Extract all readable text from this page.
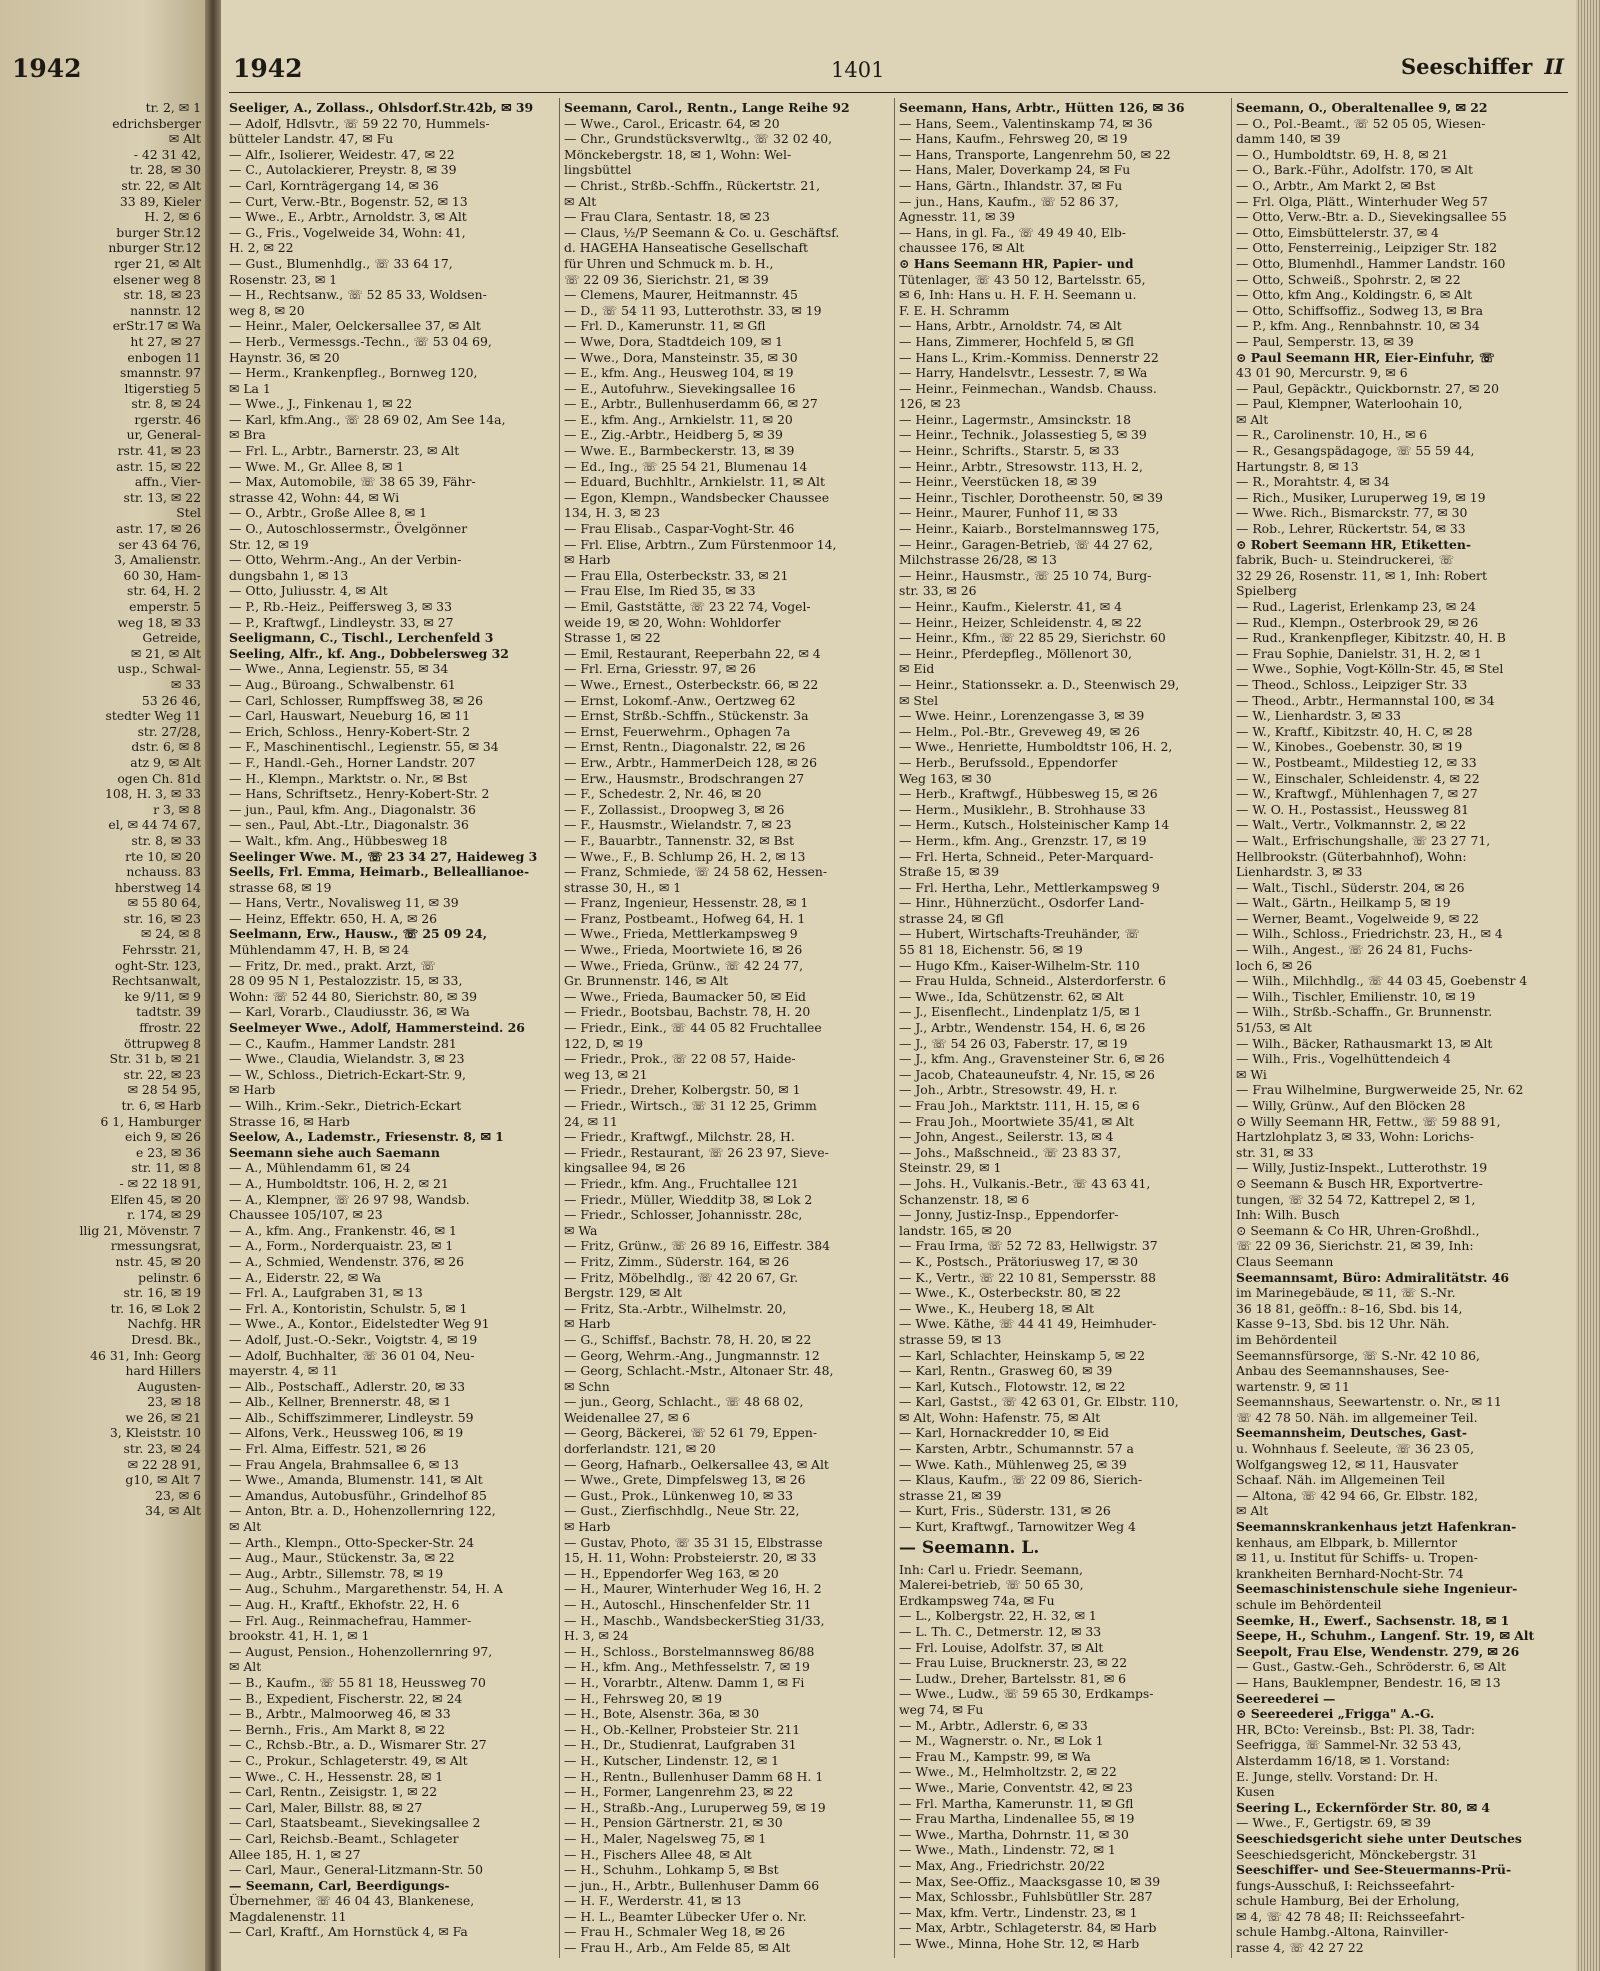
1942
tr. 2, ✉ 1
edrichsberger
✉ Alt
- 42 31 42,
tr. 28, ✉ 30
str. 22, ✉ Alt
33 89, Kieler
H. 2, ✉ 6
burger Str.12
nburger Str.12
rger 21, ✉ Alt
elsener weg 8
str. 18, ✉ 23
nannstr. 12
erStr.17 ✉ Wa
ht 27, ✉ 27
enbogen 11
smannstr. 97
ltigerstieg 5
str. 8, ✉ 24
rgerstr. 46
ur, General-
rstr. 41, ✉ 23
astr. 15, ✉ 22
affn., Vier-
str. 13, ✉ 22
Stel
astr. 17, ✉ 26
ser 43 64 76,
3, Amalienstr.
60 30, Ham-
str. 64, H. 2
emperstr. 5
weg 18, ✉ 33
Getreide,
✉ 21, ✉ Alt
usp., Schwal-
✉ 33
53 26 46,
stedter Weg 11
str. 27/28,
dstr. 6, ✉ 8
atz 9, ✉ Alt
ogen Ch. 81d
108, H. 3, ✉ 33
r 3, ✉ 8
el, ✉ 44 74 67,
str. 8, ✉ 33
rte 10, ✉ 20
nchauss. 83
hberstweg 14
✉ 55 80 64,
str. 16, ✉ 23
✉ 24, ✉ 8
Fehrsstr. 21,
oght-Str. 123,
Rechtsanwalt,
ke 9/11, ✉ 9
tadtstr. 39
ffrostr. 22
öttrupweg 8
Str. 31 b, ✉ 21
str. 22, ✉ 23
✉ 28 54 95,
tr. 6, ✉ Harb
6 1, Hamburger
eich 9, ✉ 26
e 23, ✉ 36
str. 11, ✉ 8
- ✉ 22 18 91,
Elfen 45, ✉ 20
r. 174, ✉ 29
llig 21, Mövenstr. 7
rmessungsrat,
nstr. 45, ✉ 20
pelinstr. 6
str. 16, ✉ 19
tr. 16, ✉ Lok 2
Nachfg. HR
Dresd. Bk.,
46 31, Inh: Georg
hard Hillers
Augusten-
23, ✉ 18
we 26, ✉ 21
3, Kleiststr. 10
str. 23, ✉ 24
✉ 22 28 91,
g10, ✉ Alt 7
23, ✉ 6
34, ✉ Alt
1942	1401	Seeschiffer II
Seeliger, A., Zollass., Ohlsdorf.Str.42b, ✉ 39
— Adolf, Hdlsvtr., ☏ 59 22 70, Hummels-
bütteler Landstr. 47, ✉ Fu
— Alfr., Isolierer, Weidestr. 47, ✉ 22
— C., Autolackierer, Preystr. 8, ✉ 39
— Carl, Kornträgergang 14, ✉ 36
— Curt, Verw.-Btr., Bogenstr. 52, ✉ 13
— Wwe., E., Arbtr., Arnoldstr. 3, ✉ Alt
— G., Fris., Vogelweide 34, Wohn: 41,
H. 2, ✉ 22
— Gust., Blumenhdlg., ☏ 33 64 17,
Rosenstr. 23, ✉ 1
— H., Rechtsanw., ☏ 52 85 33, Woldsen-
weg 8, ✉ 20
— Heinr., Maler, Oelckersallee 37, ✉ Alt
— Herb., Vermessgs.-Techn., ☏ 53 04 69,
Haynstr. 36, ✉ 20
— Herm., Krankenpfleg., Bornweg 120,
✉ La 1
— Wwe., J., Finkenau 1, ✉ 22
— Karl, kfm.Ang., ☏ 28 69 02, Am See 14a,
✉ Bra
— Frl. L., Arbtr., Barnerstr. 23, ✉ Alt
— Wwe. M., Gr. Allee 8, ✉ 1
— Max, Automobile, ☏ 38 65 39, Fähr-
strasse 42, Wohn: 44, ✉ Wi
— O., Arbtr., Große Allee 8, ✉ 1
— O., Autoschlossermstr., Övelgönner
Str. 12, ✉ 19
— Otto, Wehrm.-Ang., An der Verbin-
dungsbahn 1, ✉ 13
— Otto, Juliusstr. 4, ✉ Alt
— P., Rb.-Heiz., Peiffersweg 3, ✉ 33
— P., Kraftwgf., Lindleystr. 33, ✉ 27
Seeligmann, C., Tischl., Lerchenfeld 3
Seeling, Alfr., kf. Ang., Dobbelersweg 32
— Wwe., Anna, Legienstr. 55, ✉ 34
— Aug., Büroang., Schwalbenstr. 61
— Carl, Schlosser, Rumpffsweg 38, ✉ 26
— Carl, Hauswart, Neueburg 16, ✉ 11
— Erich, Schloss., Henry-Kobert-Str. 2
— F., Maschinentischl., Legienstr. 55, ✉ 34
— F., Handl.-Geh., Horner Landstr. 207
— H., Klempn., Marktstr. o. Nr., ✉ Bst
— Hans, Schriftsetz., Henry-Kobert-Str. 2
— jun., Paul, kfm. Ang., Diagonalstr. 36
— sen., Paul, Abt.-Ltr., Diagonalstr. 36
— Walt., kfm. Ang., Hübbesweg 18
Seelinger Wwe. M., ☏ 23 34 27, Haideweg 3
Seells, Frl. Emma, Heimarb., Belleallianoe-
strasse 68, ✉ 19
— Hans, Vertr., Novalisweg 11, ✉ 39
— Heinz, Effektr. 650, H. A, ✉ 26
Seelmann, Erw., Hausw., ☏ 25 09 24,
Mühlendamm 47, H. B, ✉ 24
— Fritz, Dr. med., prakt. Arzt, ☏
28 09 95 N 1, Pestalozzistr. 15, ✉ 33,
Wohn: ☏ 52 44 80, Sierichstr. 80, ✉ 39
— Karl, Vorarb., Claudiusstr. 36, ✉ Wa
Seelmeyer Wwe., Adolf, Hammersteind. 26
— C., Kaufm., Hammer Landstr. 281
— Wwe., Claudia, Wielandstr. 3, ✉ 23
— W., Schloss., Dietrich-Eckart-Str. 9,
✉ Harb
— Wilh., Krim.-Sekr., Dietrich-Eckart
Strasse 16, ✉ Harb
Seelow, A., Lademstr., Friesenstr. 8, ✉ 1
Seemann siehe auch Saemann
— A., Mühlendamm 61, ✉ 24
— A., Humboldtstr. 106, H. 2, ✉ 21
— A., Klempner, ☏ 26 97 98, Wandsb.
Chaussee 105/107, ✉ 23
— A., kfm. Ang., Frankenstr. 46, ✉ 1
— A., Form., Norderquaistr. 23, ✉ 1
— A., Schmied, Wendenstr. 376, ✉ 26
— A., Eiderstr. 22, ✉ Wa
— Frl. A., Laufgraben 31, ✉ 13
— Frl. A., Kontoristin, Schulstr. 5, ✉ 1
— Wwe., A., Kontor., Eidelstedter Weg 91
— Adolf, Just.-O.-Sekr., Voigtstr. 4, ✉ 19
— Adolf, Buchhalter, ☏ 36 01 04, Neu-
mayerstr. 4, ✉ 11
— Alb., Postschaff., Adlerstr. 20, ✉ 33
— Alb., Kellner, Brennerstr. 48, ✉ 1
— Alb., Schiffszimmerer, Lindleystr. 59
— Alfons, Verk., Heussweg 106, ✉ 19
— Frl. Alma, Eiffestr. 521, ✉ 26
— Frau Angela, Brahmsallee 6, ✉ 13
— Wwe., Amanda, Blumenstr. 141, ✉ Alt
— Amandus, Autobusführ., Grindelhof 85
— Anton, Btr. a. D., Hohenzollernring 122,
✉ Alt
— Arth., Klempn., Otto-Specker-Str. 24
— Aug., Maur., Stückenstr. 3a, ✉ 22
— Aug., Arbtr., Sillemstr. 78, ✉ 19
— Aug., Schuhm., Margarethenstr. 54, H. A
— Aug. H., Kraftf., Ekhofstr. 22, H. 6
— Frl. Aug., Reinmachefrau, Hammer-
brookstr. 41, H. 1, ✉ 1
— August, Pension., Hohenzollernring 97,
✉ Alt
— B., Kaufm., ☏ 55 81 18, Heussweg 70
— B., Expedient, Fischerstr. 22, ✉ 24
— B., Arbtr., Malmoorweg 46, ✉ 33
— Bernh., Fris., Am Markt 8, ✉ 22
— C., Rchsb.-Btr., a. D., Wismarer Str. 27
— C., Prokur., Schlageterstr. 49, ✉ Alt
— Wwe., C. H., Hessenstr. 28, ✉ 1
— Carl, Rentn., Zeisigstr. 1, ✉ 22
— Carl, Maler, Billstr. 88, ✉ 27
— Carl, Staatsbeamt., Sievekingsallee 2
— Carl, Reichsb.-Beamt., Schlageter
Allee 185, H. 1, ✉ 27
— Carl, Maur., General-Litzmann-Str. 50
— Seemann, Carl, Beerdigungs-
Übernehmer, ☏ 46 04 43, Blankenese,
Magdalenenstr. 11
— Carl, Kraftf., Am Hornstück 4, ✉ Fa
Seemann, Carol., Rentn., Lange Reihe 92
— Wwe., Carol., Ericastr. 64, ✉ 20
— Chr., Grundstücksverwltg., ☏ 32 02 40,
Mönckebergstr. 18, ✉ 1, Wohn: Wel-
lingsbüttel
— Christ., Strßb.-Schffn., Rückertstr. 21,
✉ Alt
— Frau Clara, Sentastr. 18, ✉ 23
— Claus, ½/P Seemann & Co. u. Geschäftsf.
d. HAGEHA Hanseatische Gesellschaft
für Uhren und Schmuck m. b. H.,
☏ 22 09 36, Sierichstr. 21, ✉ 39
— Clemens, Maurer, Heitmannstr. 45
— D., ☏ 54 11 93, Lutterothstr. 33, ✉ 19
— Frl. D., Kamerunstr. 11, ✉ Gfl
— Wwe, Dora, Stadtdeich 109, ✉ 1
— Wwe., Dora, Mansteinstr. 35, ✉ 30
— E., kfm. Ang., Heusweg 104, ✉ 19
— E., Autofuhrw., Sievekingsallee 16
— E., Arbtr., Bullenhuserdamm 66, ✉ 27
— E., kfm. Ang., Arnkielstr. 11, ✉ 20
— E., Zig.-Arbtr., Heidberg 5, ✉ 39
— Wwe. E., Barmbeckerstr. 13, ✉ 39
— Ed., Ing., ☏ 25 54 21, Blumenau 14
— Eduard, Buchhltr., Arnkielstr. 11, ✉ Alt
— Egon, Klempn., Wandsbecker Chaussee
134, H. 3, ✉ 23
— Frau Elisab., Caspar-Voght-Str. 46
— Frl. Elise, Arbtrn., Zum Fürstenmoor 14,
✉ Harb
— Frau Ella, Osterbeckstr. 33, ✉ 21
— Frau Else, Im Ried 35, ✉ 33
— Emil, Gaststätte, ☏ 23 22 74, Vogel-
weide 19, ✉ 20, Wohn: Wohldorfer
Strasse 1, ✉ 22
— Emil, Restaurant, Reeperbahn 22, ✉ 4
— Frl. Erna, Griesstr. 97, ✉ 26
— Wwe., Ernest., Osterbeckstr. 66, ✉ 22
— Ernst, Lokomf.-Anw., Oertzweg 62
— Ernst, Strßb.-Schffn., Stückenstr. 3a
— Ernst, Feuerwehrm., Ophagen 7a
— Ernst, Rentn., Diagonalstr. 22, ✉ 26
— Erw., Arbtr., HammerDeich 128, ✉ 26
— Erw., Hausmstr., Brodschrangen 27
— F., Schedestr. 2, Nr. 46, ✉ 20
— F., Zollassist., Droopweg 3, ✉ 26
— F., Hausmstr., Wielandstr. 7, ✉ 23
— F., Bauarbtr., Tannenstr. 32, ✉ Bst
— Wwe., F., B. Schlump 26, H. 2, ✉ 13
— Franz, Schmiede, ☏ 24 58 62, Hessen-
strasse 30, H., ✉ 1
— Franz, Ingenieur, Hessenstr. 28, ✉ 1
— Franz, Postbeamt., Hofweg 64, H. 1
— Wwe., Frieda, Mettlerkampsweg 9
— Wwe., Frieda, Moortwiete 16, ✉ 26
— Wwe., Frieda, Grünw., ☏ 42 24 77,
Gr. Brunnenstr. 146, ✉ Alt
— Wwe., Frieda, Baumacker 50, ✉ Eid
— Friedr., Bootsbau, Bachstr. 78, H. 20
— Friedr., Eink., ☏ 44 05 82 Fruchtallee
122, D, ✉ 19
— Friedr., Prok., ☏ 22 08 57, Haide-
weg 13, ✉ 21
— Friedr., Dreher, Kolbergstr. 50, ✉ 1
— Friedr., Wirtsch., ☏ 31 12 25, Grimm
24, ✉ 11
— Friedr., Kraftwgf., Milchstr. 28, H.
— Friedr., Restaurant, ☏ 26 23 97, Sieve-
kingsallee 94, ✉ 26
— Friedr., kfm. Ang., Fruchtallee 121
— Friedr., Müller, Wiedditp 38, ✉ Lok 2
— Friedr., Schlosser, Johannisstr. 28c,
✉ Wa
— Fritz, Grünw., ☏ 26 89 16, Eiffestr. 384
— Fritz, Zimm., Süderstr. 164, ✉ 26
— Fritz, Möbelhdlg., ☏ 42 20 67, Gr.
Bergstr. 129, ✉ Alt
— Fritz, Sta.-Arbtr., Wilhelmstr. 20,
✉ Harb
— G., Schiffsf., Bachstr. 78, H. 20, ✉ 22
— Georg, Wehrm.-Ang., Jungmannstr. 12
— Georg, Schlacht.-Mstr., Altonaer Str. 48,
✉ Schn
— jun., Georg, Schlacht., ☏ 48 68 02,
Weidenallee 27, ✉ 6
— Georg, Bäckerei, ☏ 52 61 79, Eppen-
dorferlandstr. 121, ✉ 20
— Georg, Hafnarb., Oelkersallee 43, ✉ Alt
— Wwe., Grete, Dimpfelsweg 13, ✉ 26
— Gust., Prok., Lünkenweg 10, ✉ 33
— Gust., Zierfischhdlg., Neue Str. 22,
✉ Harb
— Gustav, Photo, ☏ 35 31 15, Elbstrasse
15, H. 11, Wohn: Probsteierstr. 20, ✉ 33
— H., Eppendorfer Weg 163, ✉ 20
— H., Maurer, Winterhuder Weg 16, H. 2
— H., Autoschl., Hinschenfelder Str. 11
— H., Maschb., WandsbeckerStieg 31/33,
H. 3, ✉ 24
— H., Schloss., Borstelmannsweg 86/88
— H., kfm. Ang., Methfesselstr. 7, ✉ 19
— H., Vorarbtr., Altenw. Damm 1, ✉ Fi
— H., Fehrsweg 20, ✉ 19
— H., Bote, Alsenstr. 36a, ✉ 30
— H., Ob.-Kellner, Probsteier Str. 211
— H., Dr., Studienrat, Laufgraben 31
— H., Kutscher, Lindenstr. 12, ✉ 1
— H., Rentn., Bullenhuser Damm 68 H. 1
— H., Former, Langenrehm 23, ✉ 22
— H., Straßb.-Ang., Luruperweg 59, ✉ 19
— H., Pension Gärtnerstr. 21, ✉ 30
— H., Maler, Nagelsweg 75, ✉ 1
— H., Fischers Allee 48, ✉ Alt
— H., Schuhm., Lohkamp 5, ✉ Bst
— jun., H., Arbtr., Bullenhuser Damm 66
— H. F., Werderstr. 41, ✉ 13
— H. L., Beamter Lübecker Ufer o. Nr.
— Frau H., Schmaler Weg 18, ✉ 26
— Frau H., Arb., Am Felde 85, ✉ Alt
Seemann, Hans, Arbtr., Hütten 126, ✉ 36
— Hans, Seem., Valentinskamp 74, ✉ 36
— Hans, Kaufm., Fehrsweg 20, ✉ 19
— Hans, Transporte, Langenrehm 50, ✉ 22
— Hans, Maler, Doverkamp 24, ✉ Fu
— Hans, Gärtn., Ihlandstr. 37, ✉ Fu
— jun., Hans, Kaufm., ☏ 52 86 37,
Agnesstr. 11, ✉ 39
— Hans, in gl. Fa., ☏ 49 49 40, Elb-
chaussee 176, ✉ Alt
⊙ Hans Seemann HR, Papier- und
Tütenlager, ☏ 43 50 12, Bartelsstr. 65,
✉ 6, Inh: Hans u. H. F. H. Seemann u.
F. E. H. Schramm
— Hans, Arbtr., Arnoldstr. 74, ✉ Alt
— Hans, Zimmerer, Hochfeld 5, ✉ Gfl
— Hans L., Krim.-Kommiss. Dennerstr 22
— Harry, Handelsvtr., Lessestr. 7, ✉ Wa
— Heinr., Feinmechan., Wandsb. Chauss.
126, ✉ 23
— Heinr., Lagermstr., Amsinckstr. 18
— Heinr., Technik., Jolassestieg 5, ✉ 39
— Heinr., Schrifts., Starstr. 5, ✉ 33
— Heinr., Arbtr., Stresowstr. 113, H. 2,
— Heinr., Veerstücken 18, ✉ 39
— Heinr., Tischler, Dorotheenstr. 50, ✉ 39
— Heinr., Maurer, Funhof 11, ✉ 33
— Heinr., Kaiarb., Borstelmannsweg 175,
— Heinr., Garagen-Betrieb, ☏ 44 27 62,
Milchstrasse 26/28, ✉ 13
— Heinr., Hausmstr., ☏ 25 10 74, Burg-
str. 33, ✉ 26
— Heinr., Kaufm., Kielerstr. 41, ✉ 4
— Heinr., Heizer, Schleidenstr. 4, ✉ 22
— Heinr., Kfm., ☏ 22 85 29, Sierichstr. 60
— Heinr., Pferdepfleg., Möllenort 30,
✉ Eid
— Heinr., Stationssekr. a. D., Steenwisch 29,
✉ Stel
— Wwe. Heinr., Lorenzengasse 3, ✉ 39
— Helm., Pol.-Btr., Greveweg 49, ✉ 26
— Wwe., Henriette, Humboldtstr 106, H. 2,
— Herb., Berufssold., Eppendorfer
Weg 163, ✉ 30
— Herb., Kraftwgf., Hübbesweg 15, ✉ 26
— Herm., Musiklehr., B. Strohhause 33
— Herm., Kutsch., Holsteinischer Kamp 14
— Herm., kfm. Ang., Grenzstr. 17, ✉ 19
— Frl. Herta, Schneid., Peter-Marquard-
Straße 15, ✉ 39
— Frl. Hertha, Lehr., Mettlerkampsweg 9
— Hinr., Hühnerzücht., Osdorfer Land-
strasse 24, ✉ Gfl
— Hubert, Wirtschafts-Treuhänder, ☏
55 81 18, Eichenstr. 56, ✉ 19
— Hugo Kfm., Kaiser-Wilhelm-Str. 110
— Frau Hulda, Schneid., Alsterdorferstr. 6
— Wwe., Ida, Schützenstr. 62, ✉ Alt
— J., Eisenflecht., Lindenplatz 1/5, ✉ 1
— J., Arbtr., Wendenstr. 154, H. 6, ✉ 26
— J., ☏ 54 26 03, Faberstr. 17, ✉ 19
— J., kfm. Ang., Gravensteiner Str. 6, ✉ 26
— Jacob, Chateauneufstr. 4, Nr. 15, ✉ 26
— Joh., Arbtr., Stresowstr. 49, H. r.
— Frau Joh., Marktstr. 111, H. 15, ✉ 6
— Frau Joh., Moortwiete 35/41, ✉ Alt
— John, Angest., Seilerstr. 13, ✉ 4
— Johs., Maßschneid., ☏ 23 83 37,
Steinstr. 29, ✉ 1
— Johs. H., Vulkanis.-Betr., ☏ 43 63 41,
Schanzenstr. 18, ✉ 6
— Jonny, Justiz-Insp., Eppendorfer-
landstr. 165, ✉ 20
— Frau Irma, ☏ 52 72 83, Hellwigstr. 37
— K., Postsch., Prätoriusweg 17, ✉ 30
— K., Vertr., ☏ 22 10 81, Sempersstr. 88
— Wwe., K., Osterbeckstr. 80, ✉ 22
— Wwe., K., Heuberg 18, ✉ Alt
— Wwe. Käthe, ☏ 44 41 49, Heimhuder-
strasse 59, ✉ 13
— Karl, Schlachter, Heinskamp 5, ✉ 22
— Karl, Rentn., Grasweg 60, ✉ 39
— Karl, Kutsch., Flotowstr. 12, ✉ 22
— Karl, Gastst., ☏ 42 63 01, Gr. Elbstr. 110,
✉ Alt, Wohn: Hafenstr. 75, ✉ Alt
— Karl, Hornackredder 10, ✉ Eid
— Karsten, Arbtr., Schumannstr. 57 a
— Wwe. Kath., Mühlenweg 25, ✉ 39
— Klaus, Kaufm., ☏ 22 09 86, Sierich-
strasse 21, ✉ 39
— Kurt, Fris., Süderstr. 131, ✉ 26
— Kurt, Kraftwgf., Tarnowitzer Weg 4
— Seemann. L.
Inh: Carl u. Friedr. Seemann,
Malerei-betrieb, ☏ 50 65 30,
Erdkampsweg 74a, ✉ Fu
— L., Kolbergstr. 22, H. 32, ✉ 1
— L. Th. C., Detmerstr. 12, ✉ 33
— Frl. Louise, Adolfstr. 37, ✉ Alt
— Frau Luise, Brucknerstr. 23, ✉ 22
— Ludw., Dreher, Bartelsstr. 81, ✉ 6
— Wwe., Ludw., ☏ 59 65 30, Erdkamps-
weg 74, ✉ Fu
— M., Arbtr., Adlerstr. 6, ✉ 33
— M., Wagnerstr. o. Nr., ✉ Lok 1
— Frau M., Kampstr. 99, ✉ Wa
— Wwe., M., Helmholtzstr. 2, ✉ 22
— Wwe., Marie, Conventstr. 42, ✉ 23
— Frl. Martha, Kamerunstr. 11, ✉ Gfl
— Frau Martha, Lindenallee 55, ✉ 19
— Wwe., Martha, Dohrnstr. 11, ✉ 30
— Wwe., Math., Lindenstr. 72, ✉ 1
— Max, Ang., Friedrichstr. 20/22
— Max, See-Offiz., Maacksgasse 10, ✉ 39
— Max, Schlossbr., Fuhlsbütller Str. 287
— Max, kfm. Vertr., Lindenstr. 23, ✉ 1
— Max, Arbtr., Schlageterstr. 84, ✉ Harb
— Wwe., Minna, Hohe Str. 12, ✉ Harb
Seemann, O., Oberaltenallee 9, ✉ 22
— O., Pol.-Beamt., ☏ 52 05 05, Wiesen-
damm 140, ✉ 39
— O., Humboldtstr. 69, H. 8, ✉ 21
— O., Bark.-Führ., Adolfstr. 170, ✉ Alt
— O., Arbtr., Am Markt 2, ✉ Bst
— Frl. Olga, Plätt., Winterhuder Weg 57
— Otto, Verw.-Btr. a. D., Sievekingsallee 55
— Otto, Eimsbüttelerstr. 37, ✉ 4
— Otto, Fensterreinig., Leipziger Str. 182
— Otto, Blumenhdl., Hammer Landstr. 160
— Otto, Schweiß., Spohrstr. 2, ✉ 22
— Otto, kfm Ang., Koldingstr. 6, ✉ Alt
— Otto, Schiffsoffiz., Sodweg 13, ✉ Bra
— P., kfm. Ang., Rennbahnstr. 10, ✉ 34
— Paul, Semperstr. 13, ✉ 39
⊙ Paul Seemann HR, Eier-Einfuhr, ☏
43 01 90, Mercurstr. 9, ✉ 6
— Paul, Gepäcktr., Quickbornstr. 27, ✉ 20
— Paul, Klempner, Waterloohain 10,
✉ Alt
— R., Carolinenstr. 10, H., ✉ 6
— R., Gesangspädagoge, ☏ 55 59 44,
Hartungstr. 8, ✉ 13
— R., Morahtstr. 4, ✉ 34
— Rich., Musiker, Luruperweg 19, ✉ 19
— Wwe. Rich., Bismarckstr. 77, ✉ 30
— Rob., Lehrer, Rückertstr. 54, ✉ 33
⊙ Robert Seemann HR, Etiketten-
fabrik, Buch- u. Steindruckerei, ☏
32 29 26, Rosenstr. 11, ✉ 1, Inh: Robert
Spielberg
— Rud., Lagerist, Erlenkamp 23, ✉ 24
— Rud., Klempn., Osterbrook 29, ✉ 26
— Rud., Krankenpfleger, Kibitzstr. 40, H. B
— Frau Sophie, Danielstr. 31, H. 2, ✉ 1
— Wwe., Sophie, Vogt-Kölln-Str. 45, ✉ Stel
— Theod., Schloss., Leipziger Str. 33
— Theod., Arbtr., Hermannstal 100, ✉ 34
— W., Lienhardstr. 3, ✉ 33
— W., Kraftf., Kibitzstr. 40, H. C, ✉ 28
— W., Kinobes., Goebenstr. 30, ✉ 19
— W., Postbeamt., Mildestieg 12, ✉ 33
— W., Einschaler, Schleidenstr. 4, ✉ 22
— W., Kraftwgf., Mühlenhagen 7, ✉ 27
— W. O. H., Postassist., Heussweg 81
— Walt., Vertr., Volkmannstr. 2, ✉ 22
— Walt., Erfrischungshalle, ☏ 23 27 71,
Hellbrookstr. (Güterbahnhof), Wohn:
Lienhardstr. 3, ✉ 33
— Walt., Tischl., Süderstr. 204, ✉ 26
— Walt., Gärtn., Heilkamp 5, ✉ 19
— Werner, Beamt., Vogelweide 9, ✉ 22
— Wilh., Schloss., Friedrichstr. 23, H., ✉ 4
— Wilh., Angest., ☏ 26 24 81, Fuchs-
loch 6, ✉ 26
— Wilh., Milchhdlg., ☏ 44 03 45, Goebenstr 4
— Wilh., Tischler, Emilienstr. 10, ✉ 19
— Wilh., Strßb.-Schaffn., Gr. Brunnenstr.
51/53, ✉ Alt
— Wilh., Bäcker, Rathausmarkt 13, ✉ Alt
— Wilh., Fris., Vogelhüttendeich 4
✉ Wi
— Frau Wilhelmine, Burgwerweide 25, Nr. 62
— Willy, Grünw., Auf den Blöcken 28
⊙ Willy Seemann HR, Fettw., ☏ 59 88 91,
Hartzlohplatz 3, ✉ 33, Wohn: Lorichs-
str. 31, ✉ 33
— Willy, Justiz-Inspekt., Lutterothstr. 19
⊙ Seemann & Busch HR, Exportvertre-
tungen, ☏ 32 54 72, Kattrepel 2, ✉ 1,
Inh: Wilh. Busch
⊙ Seemann & Co HR, Uhren-Großhdl.,
☏ 22 09 36, Sierichstr. 21, ✉ 39, Inh:
Claus Seemann
Seemannsamt, Büro: Admiralitätstr. 46
im Marinegebäude, ✉ 11, ☏ S.-Nr.
36 18 81, geöffn.: 8–16, Sbd. bis 14,
Kasse 9–13, Sbd. bis 12 Uhr. Näh.
im Behördenteil
Seemannsfürsorge, ☏ S.-Nr. 42 10 86,
Anbau des Seemannshauses, See-
wartenstr. 9, ✉ 11
Seemannshaus, Seewartenstr. o. Nr., ✉ 11
☏ 42 78 50. Näh. im allgemeiner Teil.
Seemannsheim, Deutsches, Gast-
u. Wohnhaus f. Seeleute, ☏ 36 23 05,
Wolfgangsweg 12, ✉ 11, Hausvater
Schaaf. Näh. im Allgemeinen Teil
— Altona, ☏ 42 94 66, Gr. Elbstr. 182,
✉ Alt
Seemannskrankenhaus jetzt Hafenkran-
kenhaus, am Elbpark, b. Millerntor
✉ 11, u. Institut für Schiffs- u. Tropen-
krankheiten Bernhard-Nocht-Str. 74
Seemaschinistenschule siehe Ingenieur-
schule im Behördenteil
Seemke, H., Ewerf., Sachsenstr. 18, ✉ 1
Seepe, H., Schuhm., Langenf. Str. 19, ✉ Alt
Seepolt, Frau Else, Wendenstr. 279, ✉ 26
— Gust., Gastw.-Geh., Schröderstr. 6, ✉ Alt
— Hans, Bauklempner, Bendestr. 16, ✉ 13
Seereederei —
⊙ Seereederei „Frigga" A.-G.
HR, BCto: Vereinsb., Bst: Pl. 38, Tadr:
Seefrigga, ☏ Sammel-Nr. 32 53 43,
Alsterdamm 16/18, ✉ 1. Vorstand:
E. Junge, stellv. Vorstand: Dr. H.
Kusen
Seering L., Eckernförder Str. 80, ✉ 4
— Wwe., F., Gertigstr. 69, ✉ 39
Seeschiedsgericht siehe unter Deutsches
Seeschiedsgericht, Mönckebergstr. 31
Seeschiffer- und See-Steuermanns-Prü-
fungs-Ausschuß, I: Reichsseefahrt-
schule Hamburg, Bei der Erholung,
✉ 4, ☏ 42 78 48; II: Reichsseefahrt-
schule Hambg.-Altona, Rainviller-
rasse 4, ☏ 42 27 22
